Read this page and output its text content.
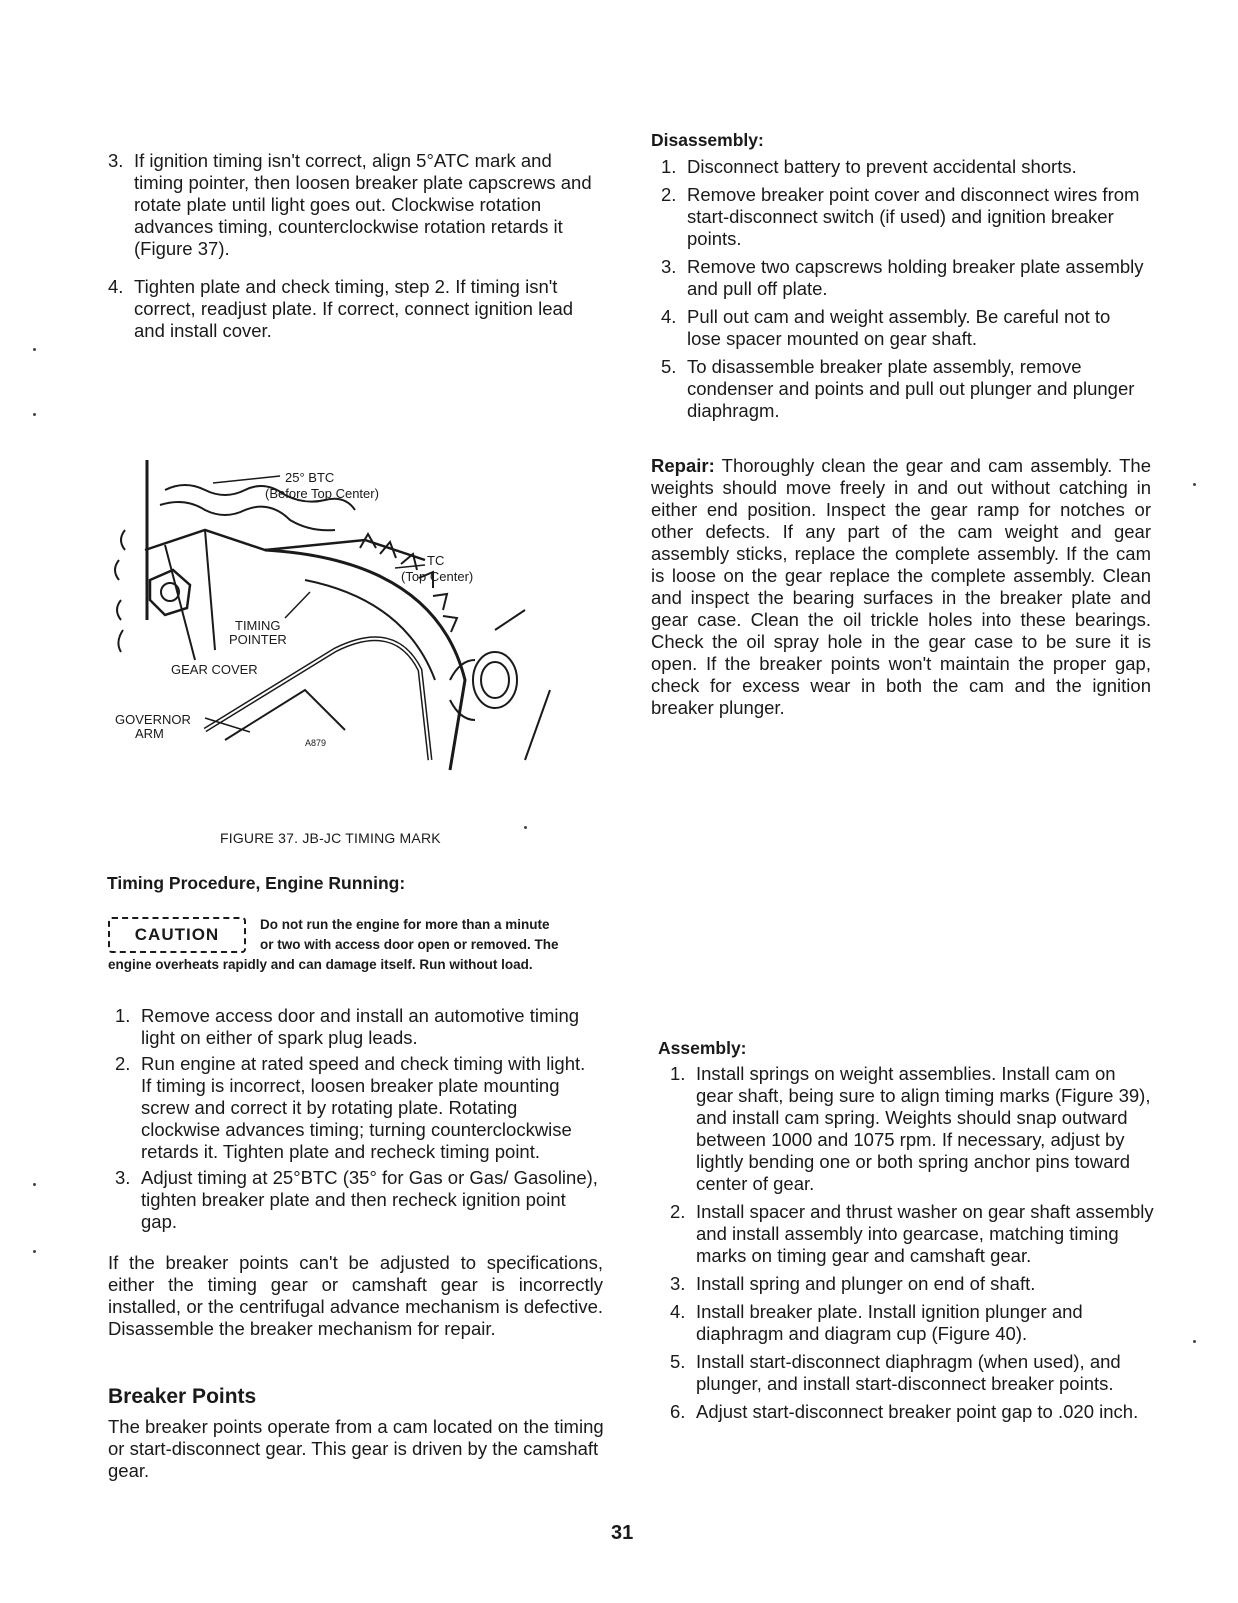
3. If ignition timing isn't correct, align 5°ATC mark and timing pointer, then loosen breaker plate capscrews and rotate plate until light goes out. Clockwise rotation advances timing, counterclockwise rotation retards it (Figure 37).
4. Tighten plate and check timing, step 2. If timing isn't correct, readjust plate. If correct, connect ignition lead and install cover.
25° BTC
(Before Top Center)
TC
(Top Center)
TIMING
POINTER
GEAR COVER
GOVERNOR
ARM
A879
FIGURE 37. JB-JC TIMING MARK
Timing Procedure, Engine Running:
CAUTION
Do not run the engine for more than a minute
or two with access door open or removed. The
engine overheats rapidly and can damage itself. Run without load.
1. Remove access door and install an automotive timing light on either of spark plug leads.
2. Run engine at rated speed and check timing with light. If timing is incorrect, loosen breaker plate mounting screw and correct it by rotating plate. Rotating clockwise advances timing; turning counterclockwise retards it. Tighten plate and recheck timing point.
3. Adjust timing at 25°BTC (35° for Gas or Gas/ Gasoline), tighten breaker plate and then recheck ignition point gap.
If the breaker points can't be adjusted to specifications, either the timing gear or camshaft gear is incorrectly installed, or the centrifugal advance mechanism is defective. Disassemble the breaker mechanism for repair.
Breaker Points
The breaker points operate from a cam located on the timing or start-disconnect gear. This gear is driven by the camshaft gear.
Disassembly:
1. Disconnect battery to prevent accidental shorts.
2. Remove breaker point cover and disconnect wires from start-disconnect switch (if used) and ignition breaker points.
3. Remove two capscrews holding breaker plate assembly and pull off plate.
4. Pull out cam and weight assembly. Be careful not to lose spacer mounted on gear shaft.
5. To disassemble breaker plate assembly, remove condenser and points and pull out plunger and plunger diaphragm.
Repair: Thoroughly clean the gear and cam assembly. The weights should move freely in and out without catching in either end position. Inspect the gear ramp for notches or other defects. If any part of the cam weight and gear assembly sticks, replace the complete assembly. If the cam is loose on the gear replace the complete assembly. Clean and inspect the bearing surfaces in the breaker plate and gear case. Clean the oil trickle holes into these bearings. Check the oil spray hole in the gear case to be sure it is open. If the breaker points won't maintain the proper gap, check for excess wear in both the cam and the ignition breaker plunger.
Assembly:
1. Install springs on weight assemblies. Install cam on gear shaft, being sure to align timing marks (Figure 39), and install cam spring. Weights should snap outward between 1000 and 1075 rpm. If necessary, adjust by lightly bending one or both spring anchor pins toward center of gear.
2. Install spacer and thrust washer on gear shaft assembly and install assembly into gearcase, matching timing marks on timing gear and camshaft gear.
3. Install spring and plunger on end of shaft.
4. Install breaker plate. Install ignition plunger and diaphragm and diagram cup (Figure 40).
5. Install start-disconnect diaphragm (when used), and plunger, and install start-disconnect breaker points.
6. Adjust start-disconnect breaker point gap to .020 inch.
31
